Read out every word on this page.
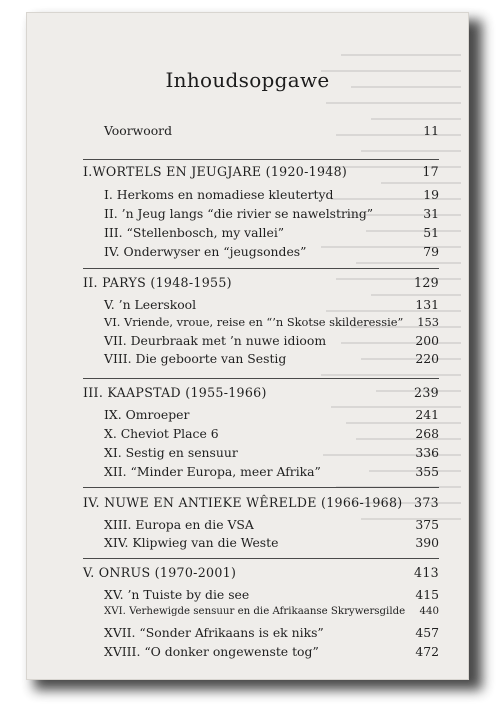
Inhoudsopgawe
Voorwoord	11
I.WORTELS EN JEUGJARE (1920-1948)	17
I. Herkoms en nomadiese kleutertyd	19
II. ’n Jeug langs “die rivier se nawelstring”	31
III. “Stellenbosch, my vallei”	51
IV. Onderwyser en “jeugsondes”	79
II. PARYS (1948-1955)	129
V. ’n Leerskool	131
VI. Vriende, vroue, reise en “’n Skotse skilderessie” 153
VII. Deurbraak met ’n nuwe idioom	200
VIII. Die geboorte van Sestig	220
III. KAAPSTAD (1955-1966)	239
IX. Omroeper	241
X. Cheviot Place 6	268
XI. Sestig en sensuur	336
XII. “Minder Europa, meer Afrika”	355
IV. NUWE EN ANTIEKE WÊRELDE (1966-1968) 373
XIII. Europa en die VSA	375
XIV. Klipwieg van die Weste	390
V. ONRUS (1970-2001)	413
XV. ’n Tuiste by die see	415
XVI. Verhewigde sensuur en die Afrikaanse Skrywersgilde 440
XVII. “Sonder Afrikaans is ek niks”	457
XVIII. “O donker ongewenste tog”	472
